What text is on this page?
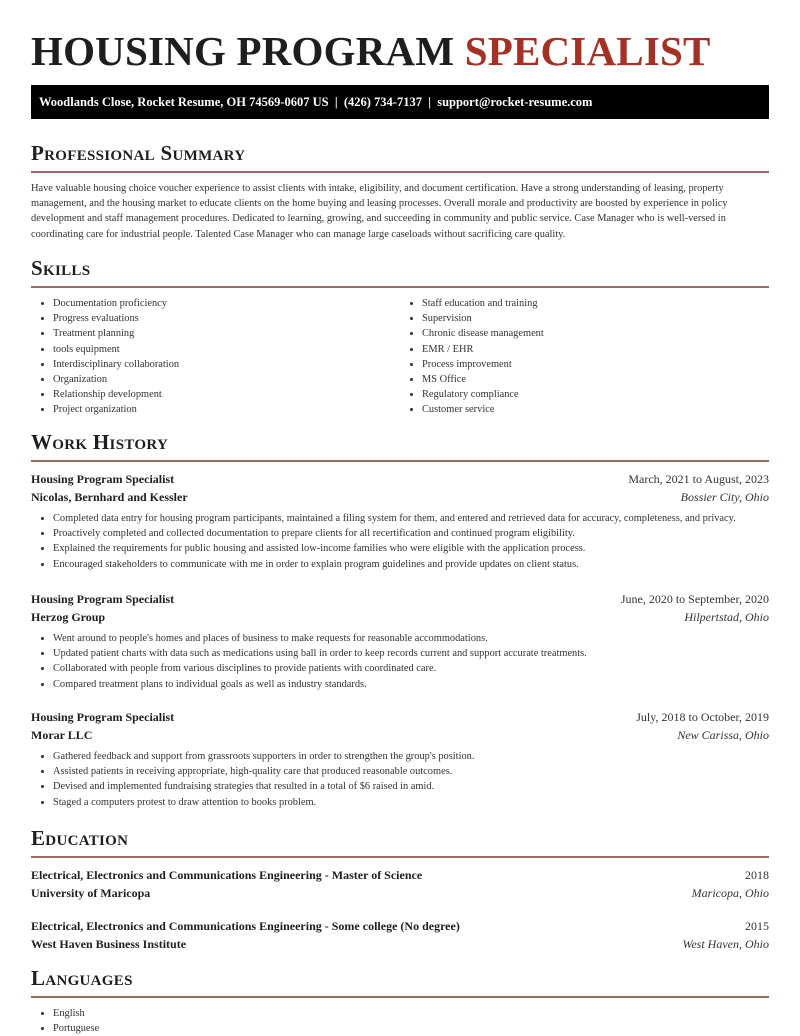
HOUSING PROGRAM SPECIALIST
Woodlands Close, Rocket Resume, OH 74569-0607 US  |  (426) 734-7137  |  support@rocket-resume.com
Professional Summary

Have valuable housing choice voucher experience to assist clients with intake, eligibility, and document certification. Have a strong understanding of leasing, property management, and the housing market to educate clients on the home buying and leasing processes. Overall morale and productivity are boosted by experience in policy development and staff management procedures. Dedicated to learning, growing, and succeeding in community and public service. Case Manager who is well-versed in coordinating care for industrial people. Talented Case Manager who can manage large caseloads without sacrificing care quality.

Skills
• Documentation proficiency
• Progress evaluations
• Treatment planning
• tools equipment
• Interdisciplinary collaboration
• Organization
• Relationship development
• Project organization
• Staff education and training
• Supervision
• Chronic disease management
• EMR / EHR
• Process improvement
• MS Office
• Regulatory compliance
• Customer service
Work History
Housing Program Specialist	March, 2021 to August, 2023
Nicolas, Bernhard and Kessler	Bossier City, Ohio
• Completed data entry for housing program participants, maintained a filing system for them, and entered and retrieved data for accuracy, completeness, and privacy.
• Proactively completed and collected documentation to prepare clients for all recertification and continued program eligibility.
• Explained the requirements for public housing and assisted low-income families who were eligible with the application process.
• Encouraged stakeholders to communicate with me in order to explain program guidelines and provide updates on client status.
Housing Program Specialist	June, 2020 to September, 2020
Herzog Group	Hilpertstad, Ohio
• Went around to people's homes and places of business to make requests for reasonable accommodations.
• Updated patient charts with data such as medications using ball in order to keep records current and support accurate treatments.
• Collaborated with people from various disciplines to provide patients with coordinated care.
• Compared treatment plans to individual goals as well as industry standards.
Housing Program Specialist	July, 2018 to October, 2019
Morar LLC	New Carissa, Ohio
• Gathered feedback and support from grassroots supporters in order to strengthen the group's position.
• Assisted patients in receiving appropriate, high-quality care that produced reasonable outcomes.
• Devised and implemented fundraising strategies that resulted in a total of $6 raised in amid.
• Staged a computers protest to draw attention to books problem.
Education
Electrical, Electronics and Communications Engineering - Master of Science	2018
University of Maricopa	Maricopa, Ohio
Electrical, Electronics and Communications Engineering - Some college (No degree)	2015
West Haven Business Institute	West Haven, Ohio
Languages
• English
• Portuguese
